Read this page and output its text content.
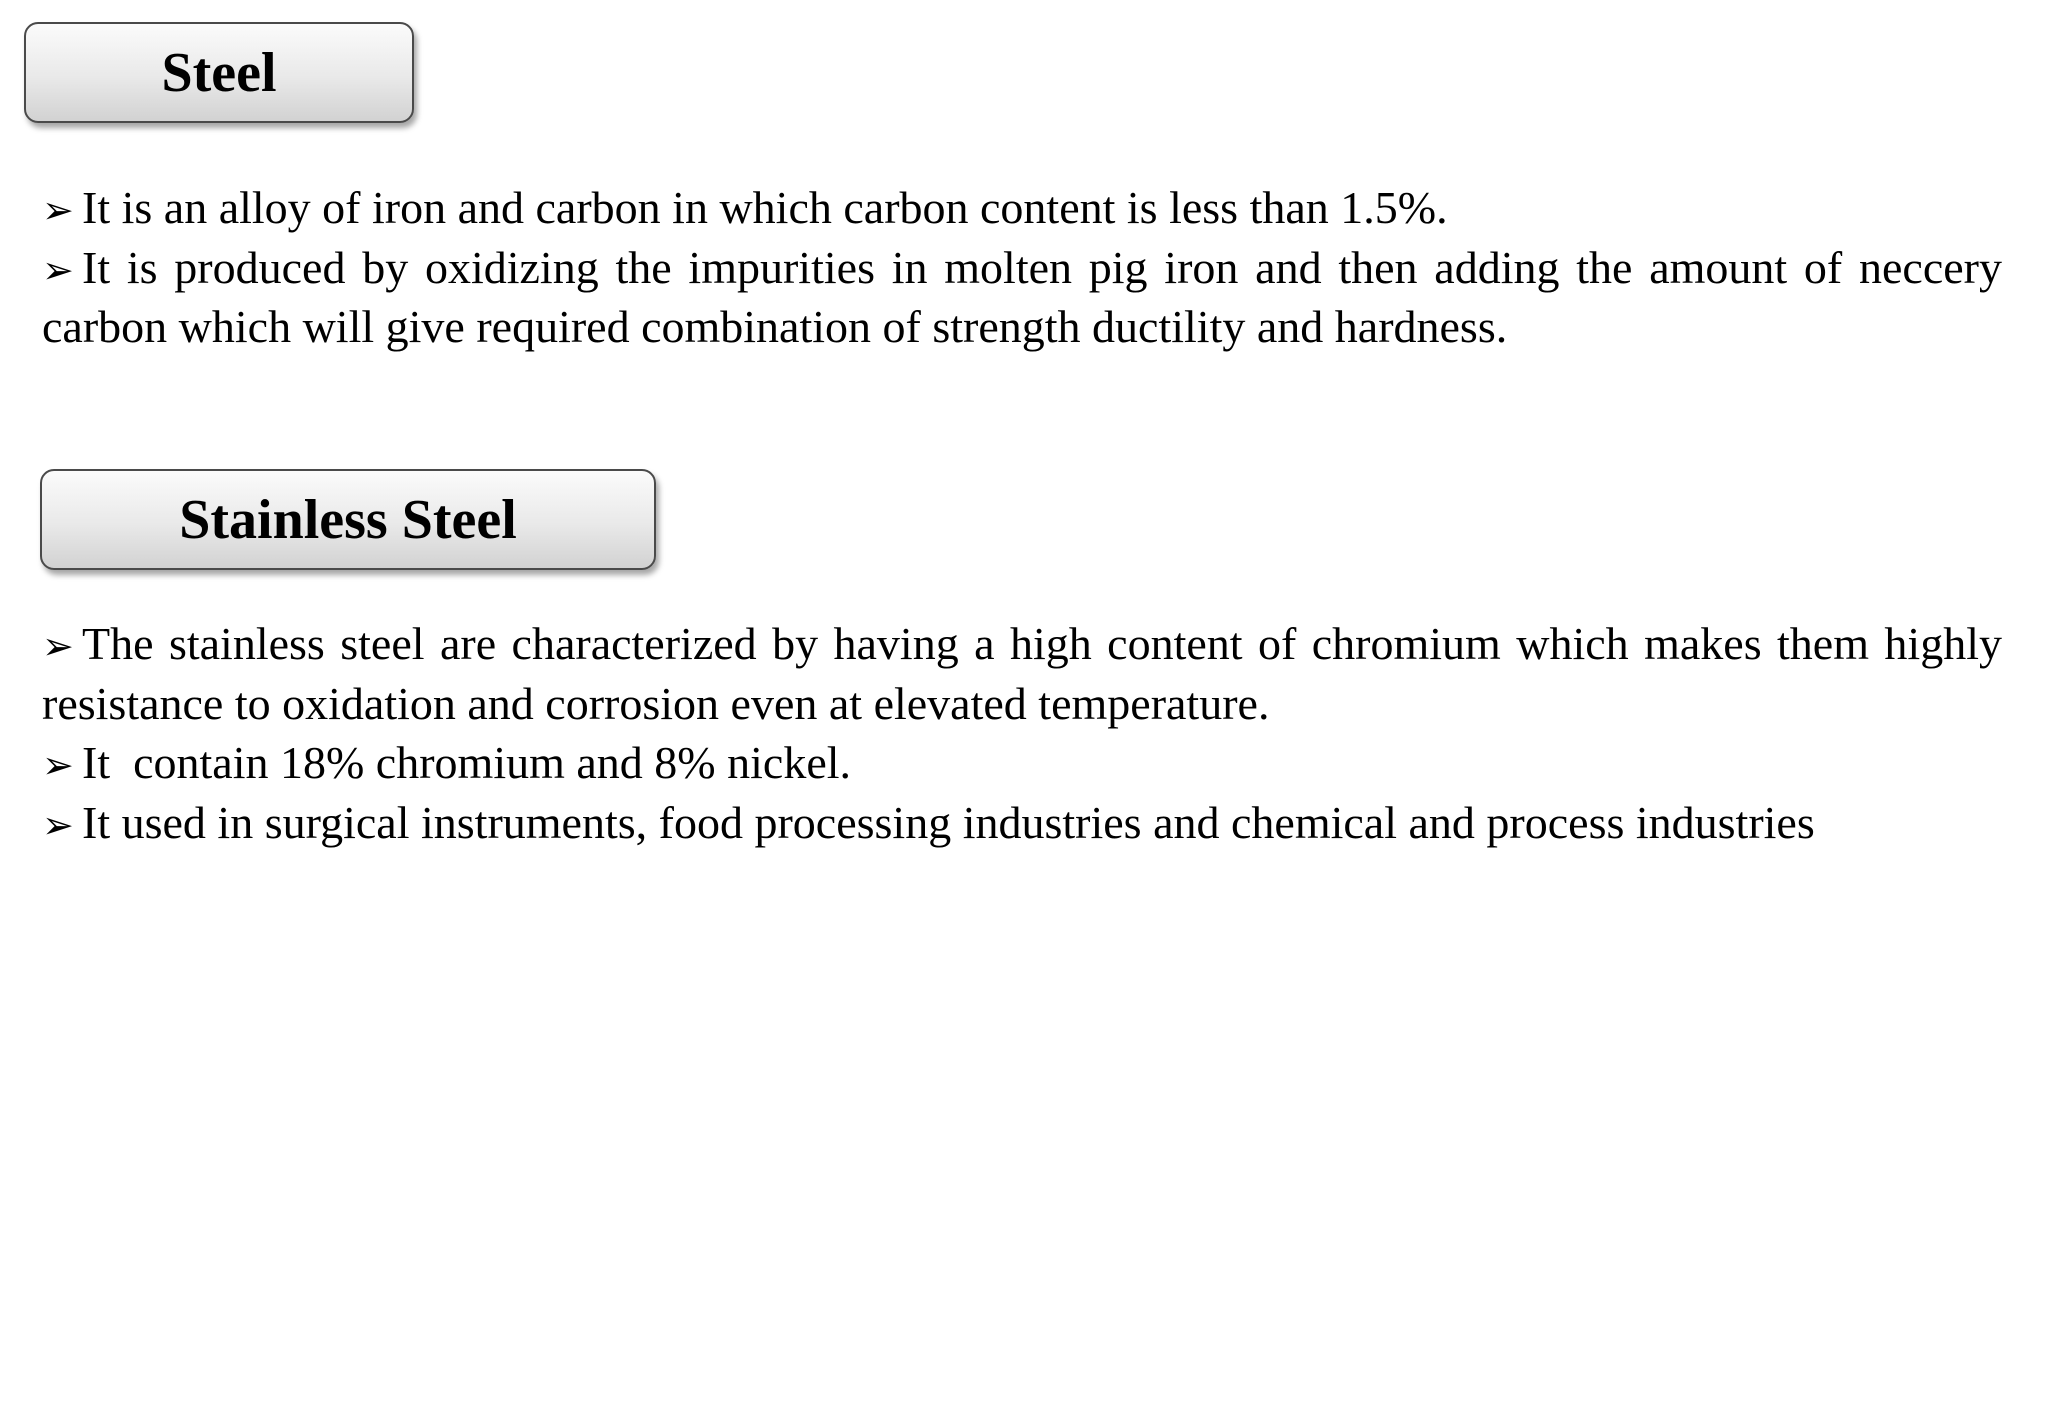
Steel

➢ It is an alloy of iron and carbon in which carbon content is less than 1.5%.

➢ It is produced by oxidizing the impurities in molten pig iron and then adding the amount of neccery carbon which will give required combination of strength ductility and hardness.

Stainless Steel

➢ The stainless steel are characterized by having a high content of chromium which makes them highly resistance to oxidation and corrosion even at elevated temperature.

➢ It  contain 18% chromium and 8% nickel.

➢ It used in surgical instruments, food processing industries and chemical and process industries
